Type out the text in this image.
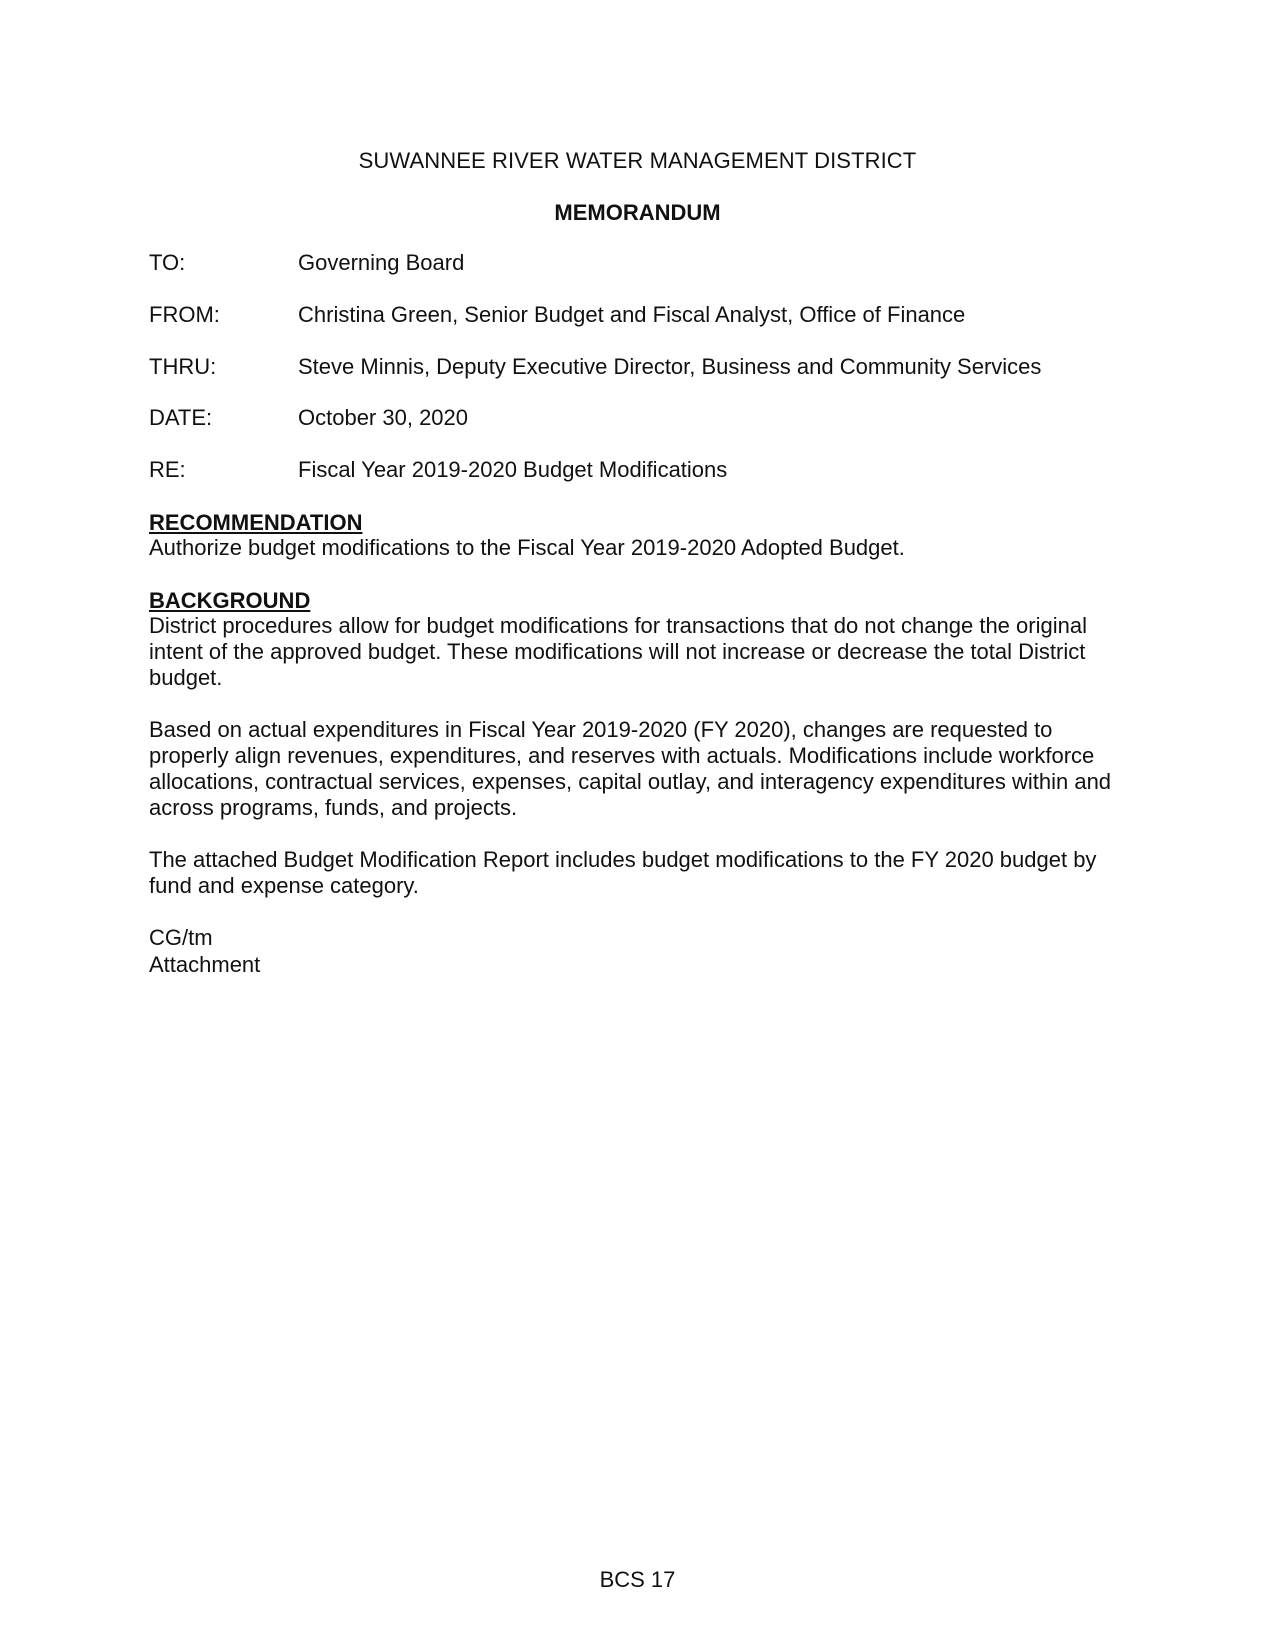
SUWANNEE RIVER WATER MANAGEMENT DISTRICT
MEMORANDUM
TO:	Governing Board
FROM:	Christina Green, Senior Budget and Fiscal Analyst, Office of Finance
THRU:	Steve Minnis, Deputy Executive Director, Business and Community Services
DATE:	October 30, 2020
RE:	Fiscal Year 2019-2020 Budget Modifications
RECOMMENDATION

Authorize budget modifications to the Fiscal Year 2019-2020 Adopted Budget.

BACKGROUND

District procedures allow for budget modifications for transactions that do not change the original intent of the approved budget. These modifications will not increase or decrease the total District budget.

Based on actual expenditures in Fiscal Year 2019-2020 (FY 2020), changes are requested to properly align revenues, expenditures, and reserves with actuals. Modifications include workforce allocations, contractual services, expenses, capital outlay, and interagency expenditures within and across programs, funds, and projects.

The attached Budget Modification Report includes budget modifications to the FY 2020 budget by fund and expense category.

CG/tm
Attachment
BCS 17
